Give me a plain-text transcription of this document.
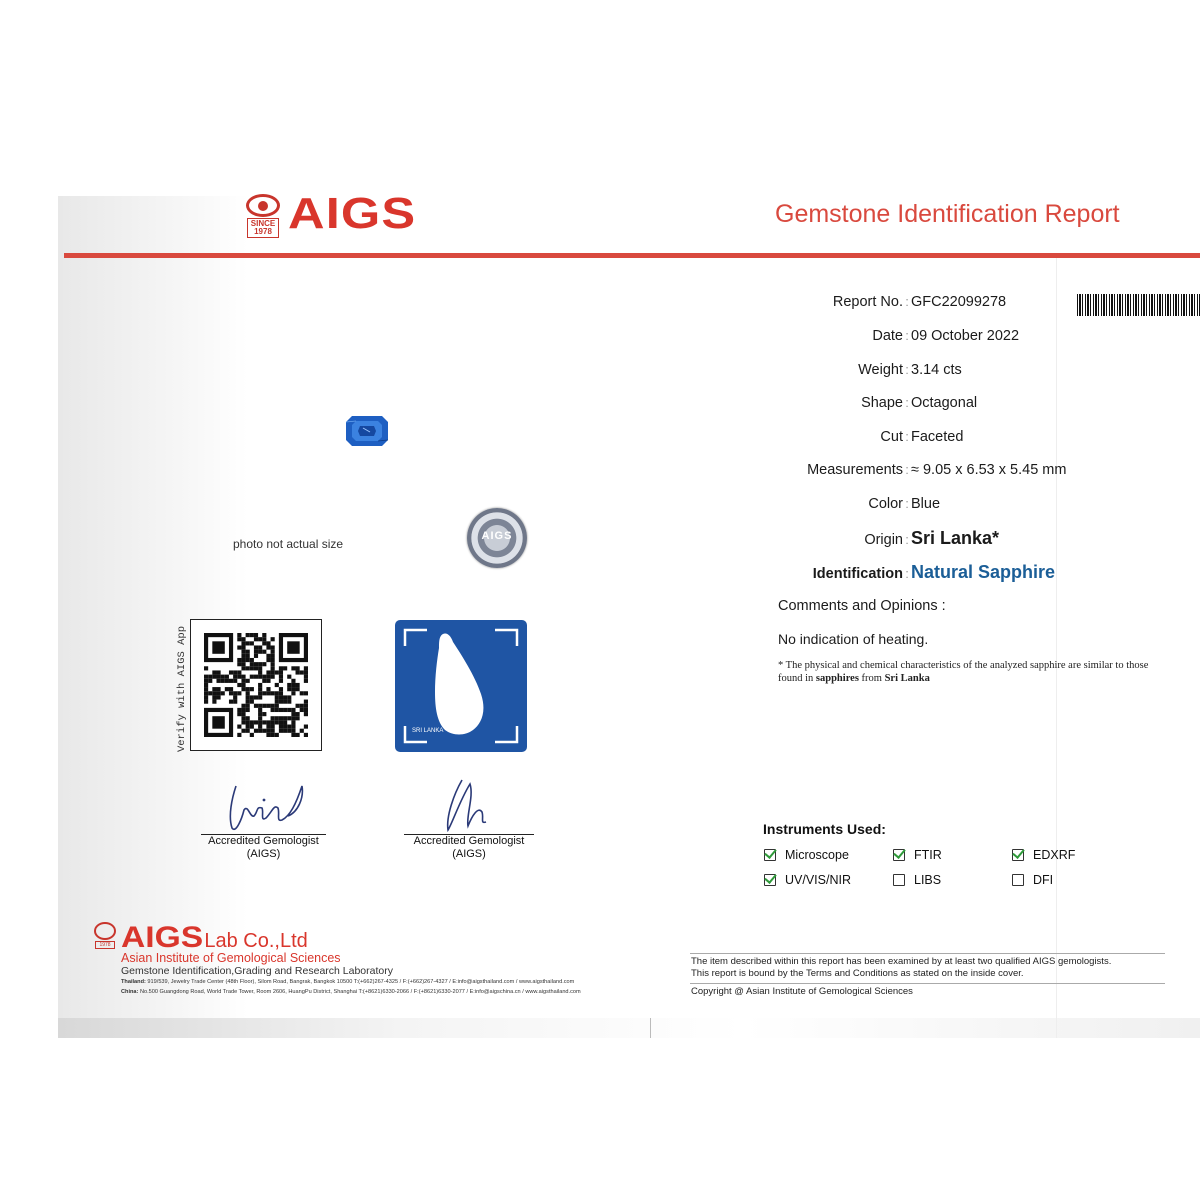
SINCE
1978 AIGS	Gemstone Identification Report
Report No. : GFC22099278
Date : 09 October 2022
Weight : 3.14 cts
Shape : Octagonal
Cut : Faceted
Measurements : ≈ 9.05 x 6.53 x 5.45 mm
Color : Blue
Origin : Sri Lanka*
Identification : Natural Sapphire
Comments and Opinions :
No indication of heating.
* The physical and chemical characteristics of the analyzed sapphire are similar to those found in sapphires from Sri Lanka
photo not actual size
AIGS
Verify with AIGS App	SRI LANKA
Accredited Gemologist
(AIGS)
Accredited Gemologist
(AIGS)
Instruments Used:
Microscope	FTIR	EDXRF
UV/VIS/NIR	LIBS	DFI
1978 AIGS Lab Co.,Ltd
Asian Institute of Gemological Sciences
Gemstone Identification,Grading and Research Laboratory
Thailand: 919/539, Jewelry Trade Center (48th Floor), Silom Road, Bangrak, Bangkok 10500 T:(+662)267-4325 / F:(+662)267-4327 / E:info@aigsthailand.com / www.aigsthailand.com
China: No.500 Guangdong Road, World Trade Tower, Room 2606, HuangPu District, Shanghai T:(+8621)6330-2066 / F:(+8621)6330-2077 / E:info@aigschina.cn / www.aigsthailand.com
The item described within this report has been examined by at least two qualified AIGS gemologists.
This report is bound by the Terms and Conditions as stated on the inside cover.
Copyright @ Asian Institute of Gemological Sciences
